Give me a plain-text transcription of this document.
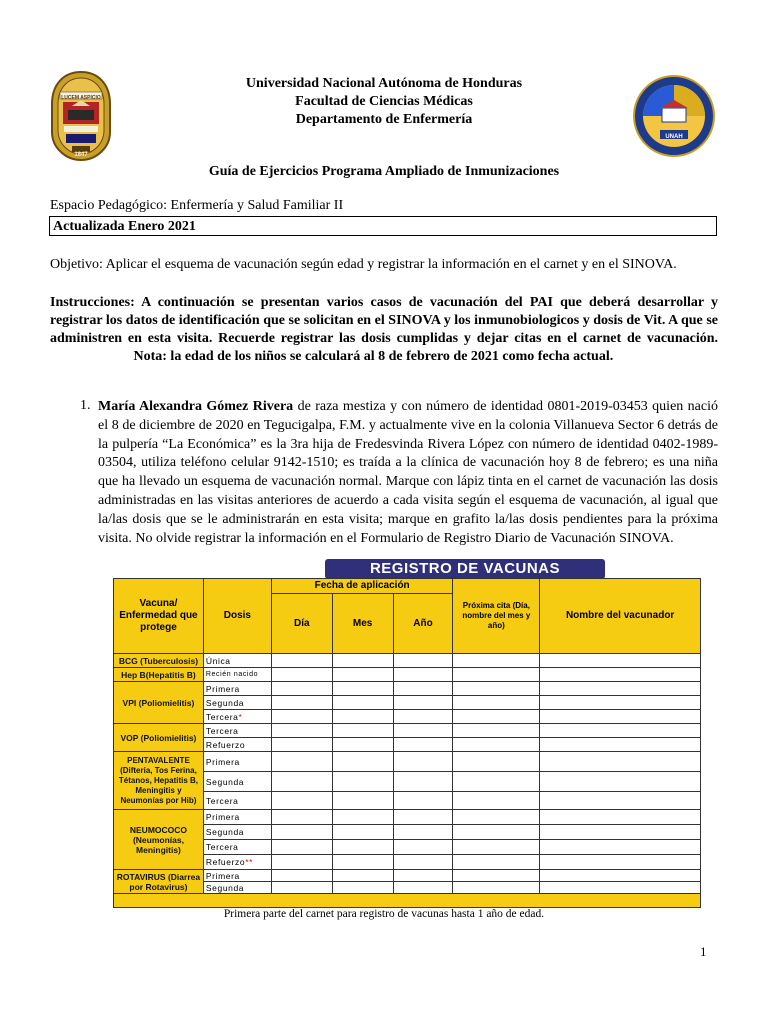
LUCEM ASPICIO
1847
UNAH
Universidad Nacional Autónoma de Honduras
Facultad de Ciencias Médicas
Departamento de Enfermería
Guía de Ejercicios Programa Ampliado de Inmunizaciones
Espacio Pedagógico: Enfermería y Salud Familiar II
Actualizada Enero 2021
Objetivo: Aplicar el esquema de vacunación según edad y registrar la información en el carnet y en el SINOVA.
Instrucciones: A continuación se presentan varios casos de vacunación del PAI que deberá desarrollar y registrar los datos de identificación que se solicitan en el SINOVA y los inmunobiologicos y dosis de Vit. A que se administren en esta visita. Recuerde registrar las dosis cumplidas y dejar citas en el carnet de vacunación.  Nota: la edad de los niños se calculará al 8 de febrero de 2021 como fecha actual.
1. María Alexandra Gómez Rivera de raza mestiza y con número de identidad 0801-2019-03453 quien nació el 8 de diciembre de 2020 en Tegucigalpa, F.M. y actualmente vive en la colonia Villanueva Sector 6 detrás de la pulpería “La Económica” es la 3ra hija de Fredesvinda Rivera López con número de identidad 0402-1989-03504, utiliza teléfono celular 9142-1510; es traída a la clínica de vacunación hoy 8 de febrero; es una niña que ha llevado un esquema de vacunación normal. Marque con lápiz tinta en el carnet de vacunación las dosis administradas en las visitas anteriores de acuerdo a cada visita según el esquema de vacunación, al igual que la/las dosis que se le administrarán en esta visita; marque en grafito la/las dosis pendientes para la próxima visita. No olvide registrar la información en el Formulario de Registro Diario de Vacunación SINOVA.
REGISTRO DE VACUNAS
Vacuna/ Enfermedad que protege	Dosis	Fecha de aplicación			Próxima cita (Día, nombre del mes y año)	Nombre del vacunador
		Día	Mes	Año		
BCG (Tuberculosis)	Única					
Hep B(Hepatitis B)	Recién nacido					
VPI (Poliomielitis)	Primera					
	Segunda					
	Tercera*					
VOP (Poliomielitis)	Tercera					
	Refuerzo					
PENTAVALENTE (Difteria, Tos Ferina, Tétanos, Hepatitis B, Meningitis y Neumonías por Hib)	Primera					
	Segunda					
	Tercera					
NEUMOCOCO (Neumonías, Meningitis)	Primera					
	Segunda					
	Tercera					
	Refuerzo**					
ROTAVIRUS (Diarrea por Rotavirus)	Primera					
	Segunda					
Primera parte del carnet para registro de vacunas hasta 1 año de edad.
1
